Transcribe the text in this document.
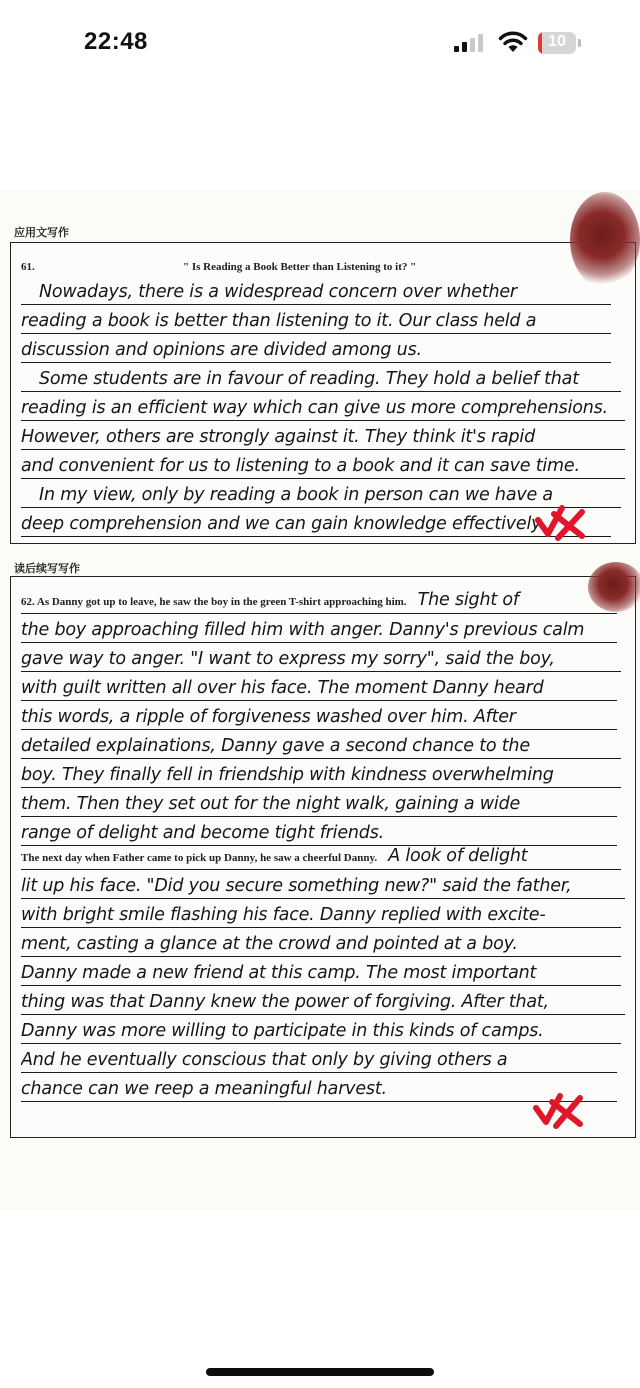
22:48	10
应用文写作
61.	" Is Reading a Book Better than Listening to it? "
Nowadays, there is a widespread concern over whether
reading a book is better than listening to it. Our class held a
discussion and opinions are divided among us.
Some students are in favour of reading. They hold a belief that
reading is an efficient way which can give us more comprehensions.
However, others are strongly against it. They think it's rapid
and convenient for us to listening to a book and it can save time.
In my view, only by reading a book in person can we have a
deep comprehension and we can gain knowledge effectively.
读后续写写作
62. As Danny got up to leave, he saw the boy in the green T-shirt approaching him. The sight of
the boy approaching filled him with anger. Danny's previous calm
gave way to anger. "I want to express my sorry", said the boy,
with guilt written all over his face. The moment Danny heard
this words, a ripple of forgiveness washed over him. After
detailed explainations, Danny gave a second chance to the
boy. They finally fell in friendship with kindness overwhelming
them. Then they set out for the night walk, gaining a wide
range of delight and become tight friends.
The next day when Father came to pick up Danny, he saw a cheerful Danny. A look of delight
lit up his face. "Did you secure something new?" said the father,
with bright smile flashing his face. Danny replied with excite-
ment, casting a glance at the crowd and pointed at a boy.
Danny made a new friend at this camp. The most important
thing was that Danny knew the power of forgiving. After that,
Danny was more willing to participate in this kinds of camps.
And he eventually conscious that only by giving others a
chance can we reep a meaningful harvest.
